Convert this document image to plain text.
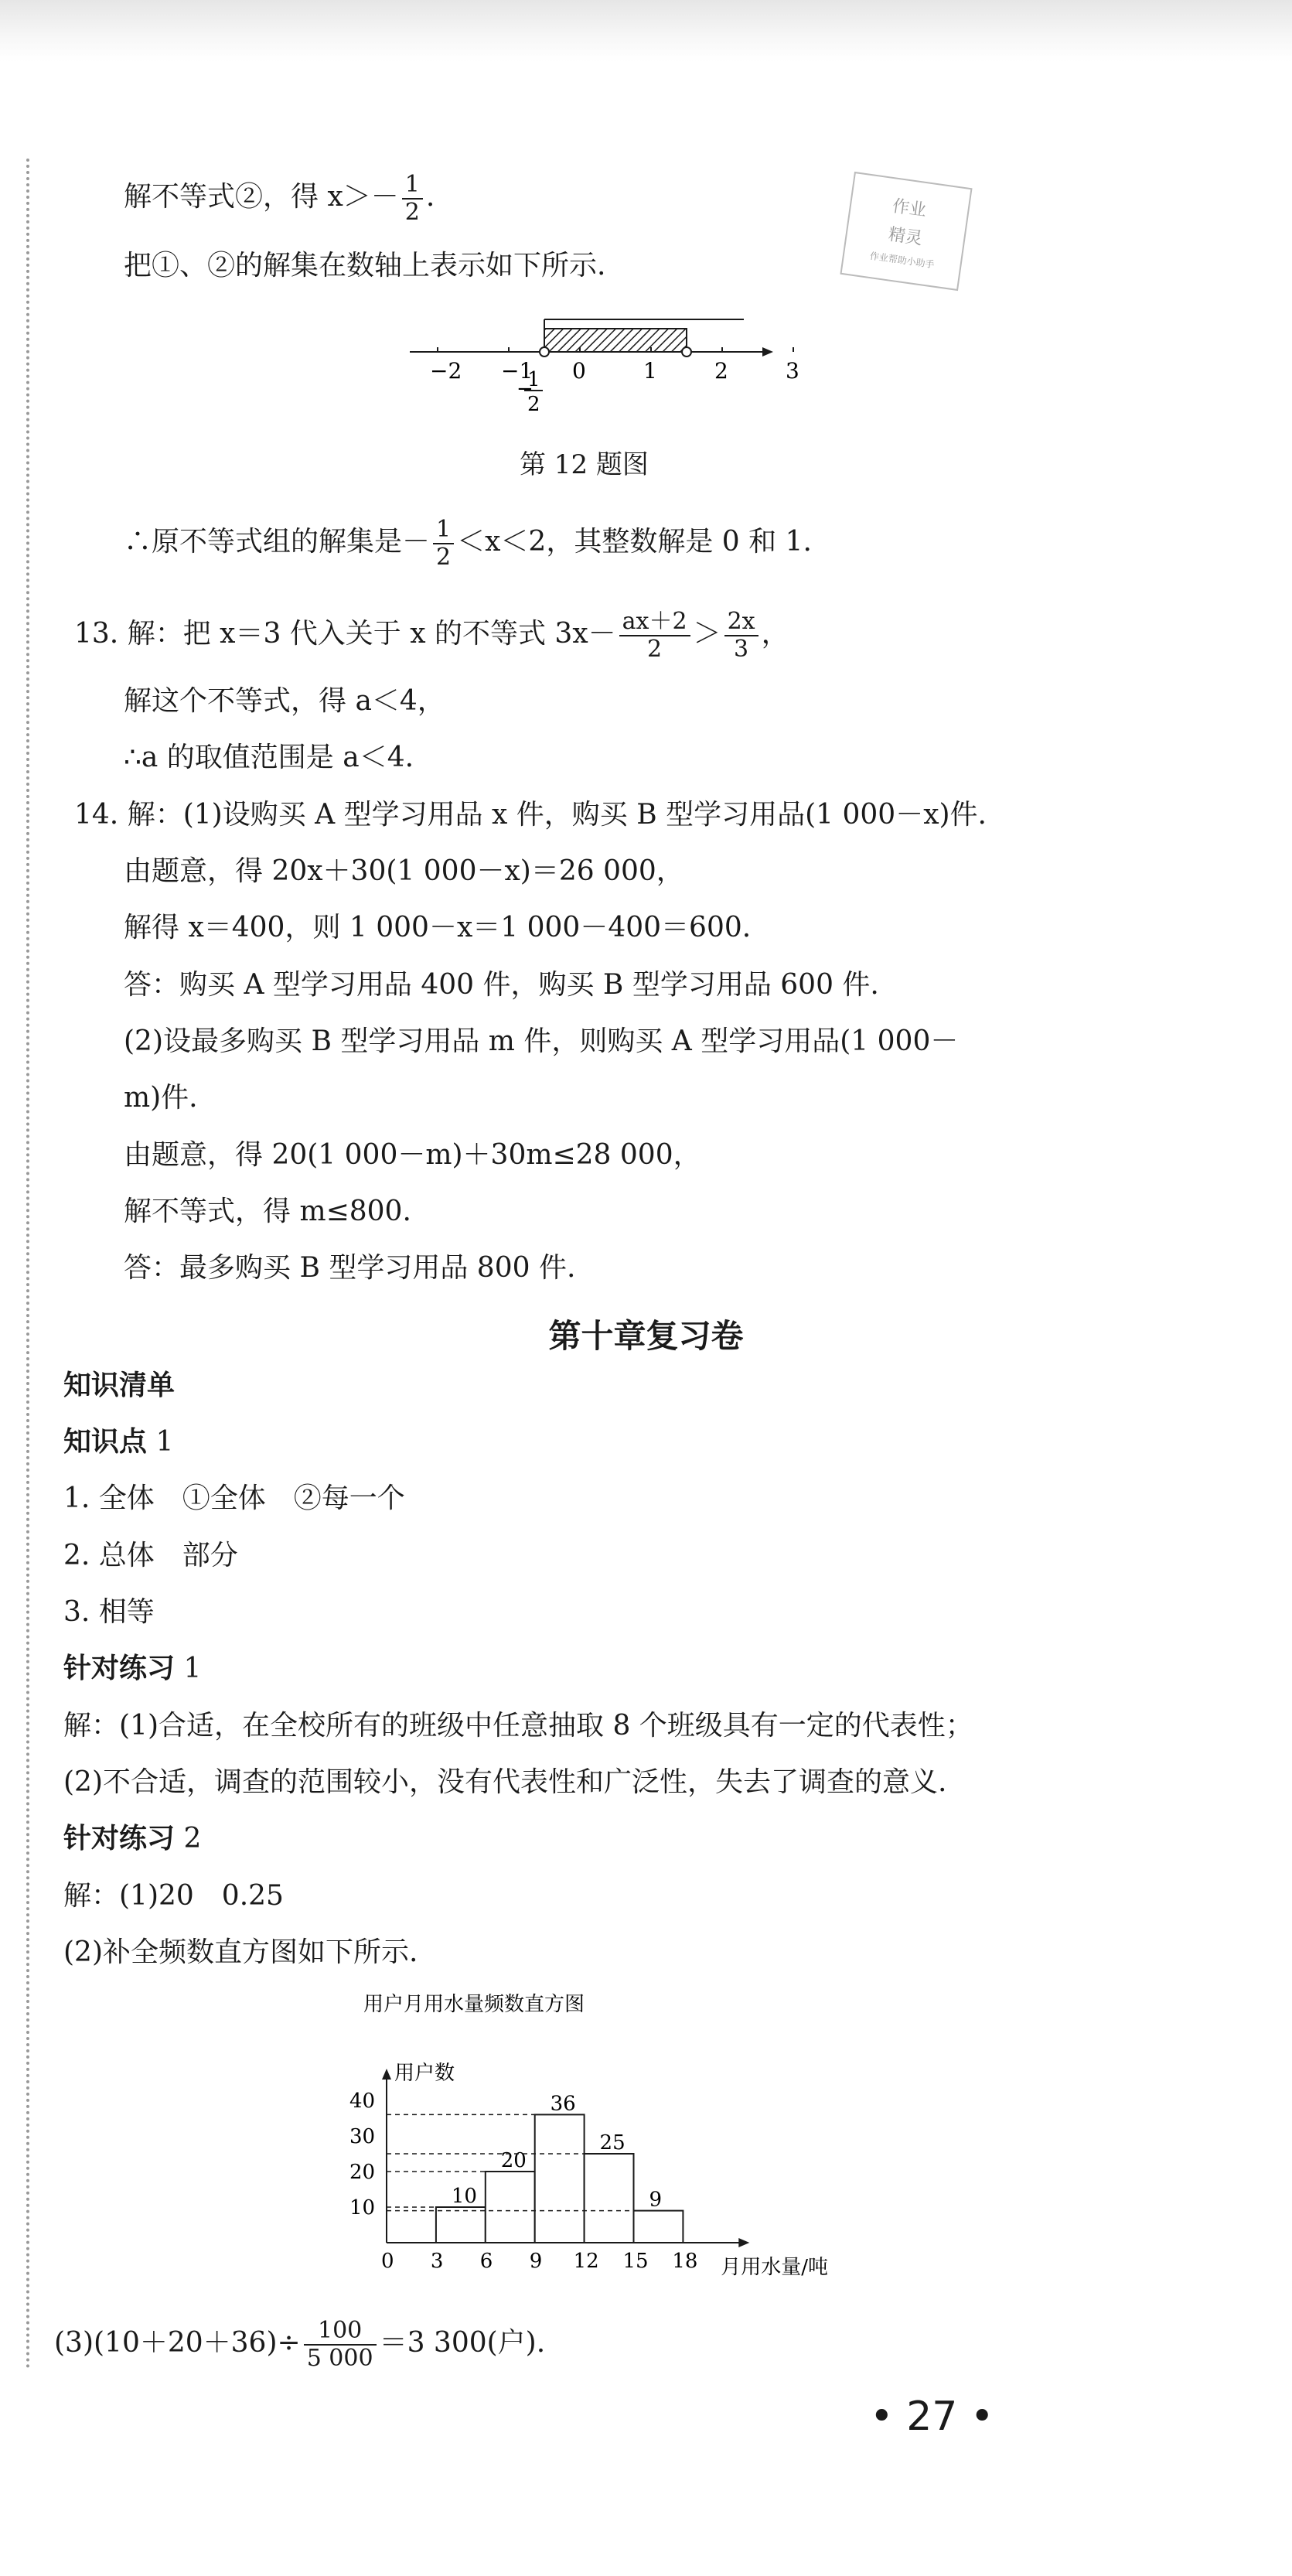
作业
精灵
作业帮助小助手
解不等式②，得 $x>- \frac{1}{2}$ .
把①、②的解集在数轴上表示如下所示.
−2 −1 0	1	2	3
−
1
2
第 12 题图
∴原不等式组的解集是－ $\frac{1}{2} <x<2$，其整数解是 0 和 1.
13. 解：把 x＝3 代入关于 x 的不等式 $3x- \frac{ax+2}{2} > \frac{2x}{3}$ ，
解这个不等式，得 a＜4，
∴a 的取值范围是 a＜4.
14. 解：(1)设购买 A 型学习用品 x 件，购买 B 型学习用品(1 000－x)件.
由题意，得 20x＋30(1 000－x)＝26 000，
解得 x＝400，则 1 000－x＝1 000－400＝600.
答：购买 A 型学习用品 400 件，购买 B 型学习用品 600 件.
(2)设最多购买 B 型学习用品 m 件，则购买 A 型学习用品(1 000－
m)件.
由题意，得 20(1 000－m)＋30m≤28 000，
解不等式，得 m≤800.
答：最多购买 B 型学习用品 800 件.
第十章复习卷
知识清单
知识点 1
1. 全体　①全体　②每一个
2. 总体　部分
3. 相等
针对练习 1
解：(1)合适，在全校所有的班级中任意抽取 8 个班级具有一定的代表性；
(2)不合适，调查的范围较小，没有代表性和广泛性，失去了调查的意义.
针对练习 2
解：(1)20　0.25
(2)补全频数直方图如下所示.
用户月用水量频数直方图
用户数
月用水量/吨
0 3 6 9 12 15 18
10
20
30
40
10
20
36
25
9
$(3)(10+20+36)\div \frac{100}{5 000} =3$ 300(户).
• 27 •
